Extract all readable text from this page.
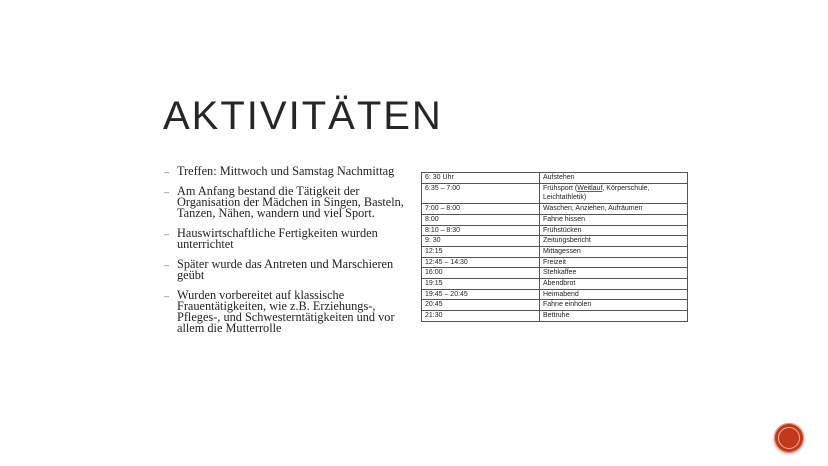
AKTIVITÄTEN
– Treffen: Mittwoch und Samstag Nachmittag
– Am Anfang bestand die Tätigkeit der Organisation der Mädchen in Singen, Basteln, Tanzen, Nähen, wandern und viel Sport.
– Hauswirtschaftliche Fertigkeiten wurden unterrichtet
– Später wurde das Antreten und Marschieren geübt
– Wurden vorbereitet auf klassische Frauentätigkeiten, wie z.B. Erziehungs-, Pfleges-, und Schwesterntätigkeiten und vor allem die Mutterrolle
6: 30 Uhr	Aufstehen
6:35 – 7:00	Frühsport (Weitlauf, Körperschule, Leichtathletik)
7:00 – 8:00	Waschen, Anziehen, Aufräumen
8:00	Fahne hissen
8:10 – 8:30	Frühstücken
9: 30	Zeitungsbericht
12:15	Mittagessen
12:45 – 14:30	Freizeit
16:00	Stehkaffee
19:15	Abendbrot
19:45 – 20:45	Heimabend
20:45	Fahne einholen
21:30	Bettruhe
